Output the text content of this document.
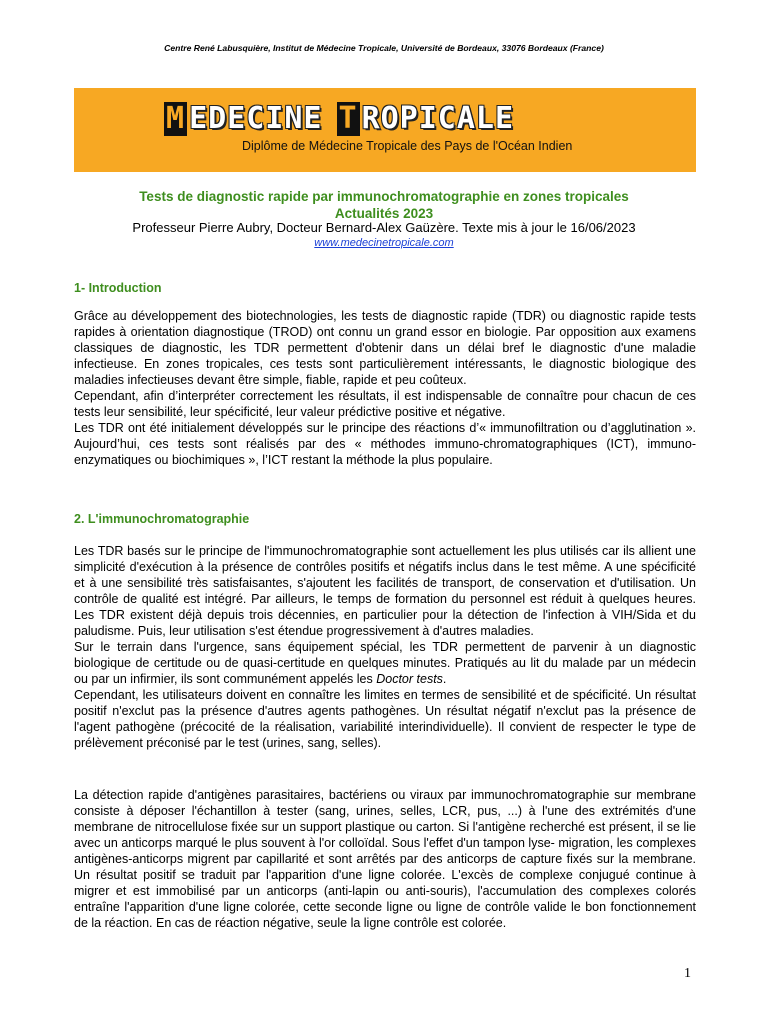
Centre René Labusquière, Institut de Médecine Tropicale, Université de Bordeaux, 33076 Bordeaux (France)
M EDECINE T ROPICALE
Diplôme de Médecine Tropicale des Pays de l'Océan Indien
Tests de diagnostic rapide par immunochromatographie en zones tropicales
Actualités 2023
Professeur Pierre Aubry, Docteur Bernard-Alex Gaüzère. Texte mis à jour le 16/06/2023
www.medecinetropicale.com
1- Introduction

Grâce au développement des biotechnologies, les tests de diagnostic rapide (TDR) ou diagnostic rapide tests rapides à orientation diagnostique (TROD) ont connu un grand essor en biologie. Par opposition aux examens classiques de diagnostic, les TDR permettent d'obtenir dans un délai bref le diagnostic d'une maladie infectieuse. En zones tropicales, ces tests sont particulièrement intéressants, le diagnostic biologique des maladies infectieuses devant être simple, fiable, rapide et peu coûteux.

Cependant, afin d’interpréter correctement les résultats, il est indispensable de connaître pour chacun de ces tests leur sensibilité, leur spécificité, leur valeur prédictive positive et négative.

Les TDR ont été initialement développés sur le principe des réactions d’« immunofiltration ou d’agglutination ». Aujourd’hui, ces tests sont réalisés par des « méthodes immuno-chromatographiques (ICT), immuno-enzymatiques ou biochimiques », l’ICT restant la méthode la plus populaire.

2. L'immunochromatographie

Les TDR basés sur le principe de l'immunochromatographie sont actuellement les plus utilisés car ils allient une simplicité d'exécution à la présence de contrôles positifs et négatifs inclus dans le test même. A une spécificité et à une sensibilité très satisfaisantes, s'ajoutent les facilités de transport, de conservation et d'utilisation. Un contrôle de qualité est intégré. Par ailleurs, le temps de formation du personnel est réduit à quelques heures. Les TDR existent déjà depuis trois décennies, en particulier pour la détection de l'infection à VIH/Sida et du paludisme. Puis, leur utilisation s'est étendue progressivement à d'autres maladies.

Sur le terrain dans l'urgence, sans équipement spécial, les TDR permettent de parvenir à un diagnostic biologique de certitude ou de quasi-certitude en quelques minutes. Pratiqués au lit du malade par un médecin ou par un infirmier, ils sont communément appelés les Doctor tests.

Cependant, les utilisateurs doivent en connaître les limites en termes de sensibilité et de spécificité. Un résultat positif n'exclut pas la présence d'autres agents pathogènes. Un résultat négatif n'exclut pas la présence de l'agent pathogène (précocité de la réalisation, variabilité interindividuelle). Il convient de respecter le type de prélèvement préconisé par le test (urines, sang, selles).

La détection rapide d'antigènes parasitaires, bactériens ou viraux par immunochromatographie sur membrane consiste à déposer l'échantillon à tester (sang, urines, selles, LCR, pus, ...) à l'une des extrémités d'une membrane de nitrocellulose fixée sur un support plastique ou carton. Si l'antigène recherché est présent, il se lie avec un anticorps marqué le plus souvent à l'or colloïdal. Sous l'effet d'un tampon lyse- migration, les complexes antigènes-anticorps migrent par capillarité et sont arrêtés par des anticorps de capture fixés sur la membrane. Un résultat positif se traduit par l'apparition d'une ligne colorée. L'excès de complexe conjugué continue à migrer et est immobilisé par un anticorps (anti-lapin ou anti-souris), l'accumulation des complexes colorés entraîne l'apparition d'une ligne colorée, cette seconde ligne ou ligne de contrôle valide le bon fonctionnement de la réaction. En cas de réaction négative, seule la ligne contrôle est colorée.

1
